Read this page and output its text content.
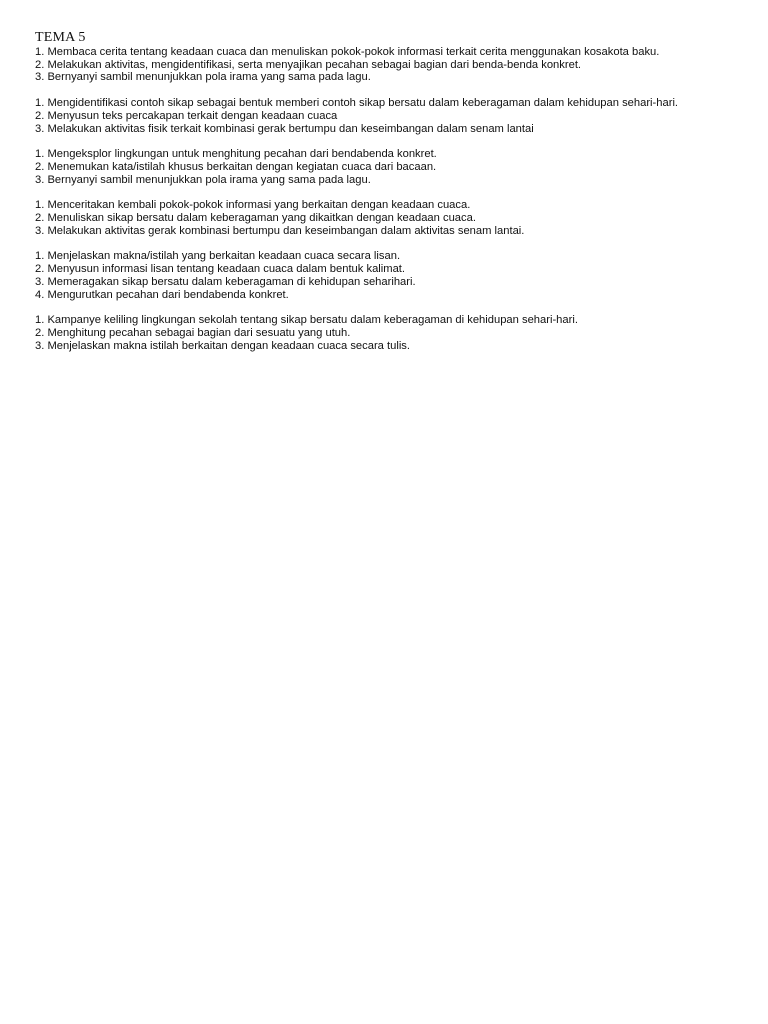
TEMA 5

1. Membaca cerita tentang keadaan cuaca dan menuliskan pokok-pokok informasi terkait cerita menggunakan kosakota baku.

2. Melakukan aktivitas, mengidentifikasi, serta menyajikan pecahan sebagai bagian dari benda-benda konkret.

3. Bernyanyi sambil menunjukkan pola irama yang sama pada lagu.

1. Mengidentifikasi contoh sikap sebagai bentuk memberi contoh sikap bersatu dalam keberagaman dalam kehidupan sehari-hari.

2. Menyusun teks percakapan terkait dengan keadaan cuaca

3. Melakukan aktivitas fisik terkait kombinasi gerak bertumpu dan keseimbangan dalam senam lantai

1. Mengeksplor lingkungan untuk menghitung pecahan dari bendabenda konkret.

2. Menemukan kata/istilah khusus berkaitan dengan kegiatan cuaca dari bacaan.

3. Bernyanyi sambil menunjukkan pola irama yang sama pada lagu.

1. Menceritakan kembali pokok-pokok informasi yang berkaitan dengan keadaan cuaca.

2. Menuliskan sikap bersatu dalam keberagaman yang dikaitkan dengan keadaan cuaca.

3. Melakukan aktivitas gerak kombinasi bertumpu dan keseimbangan dalam aktivitas senam lantai.

1. Menjelaskan makna/istilah yang berkaitan keadaan cuaca secara lisan.

2. Menyusun informasi lisan tentang keadaan cuaca dalam bentuk kalimat.

3. Memeragakan sikap bersatu dalam keberagaman di kehidupan seharihari.

4. Mengurutkan pecahan dari bendabenda konkret.

1. Kampanye keliling lingkungan sekolah tentang sikap bersatu dalam keberagaman di kehidupan sehari-hari.

2. Menghitung pecahan sebagai bagian dari sesuatu yang utuh.

3. Menjelaskan makna istilah berkaitan dengan keadaan cuaca secara tulis.
